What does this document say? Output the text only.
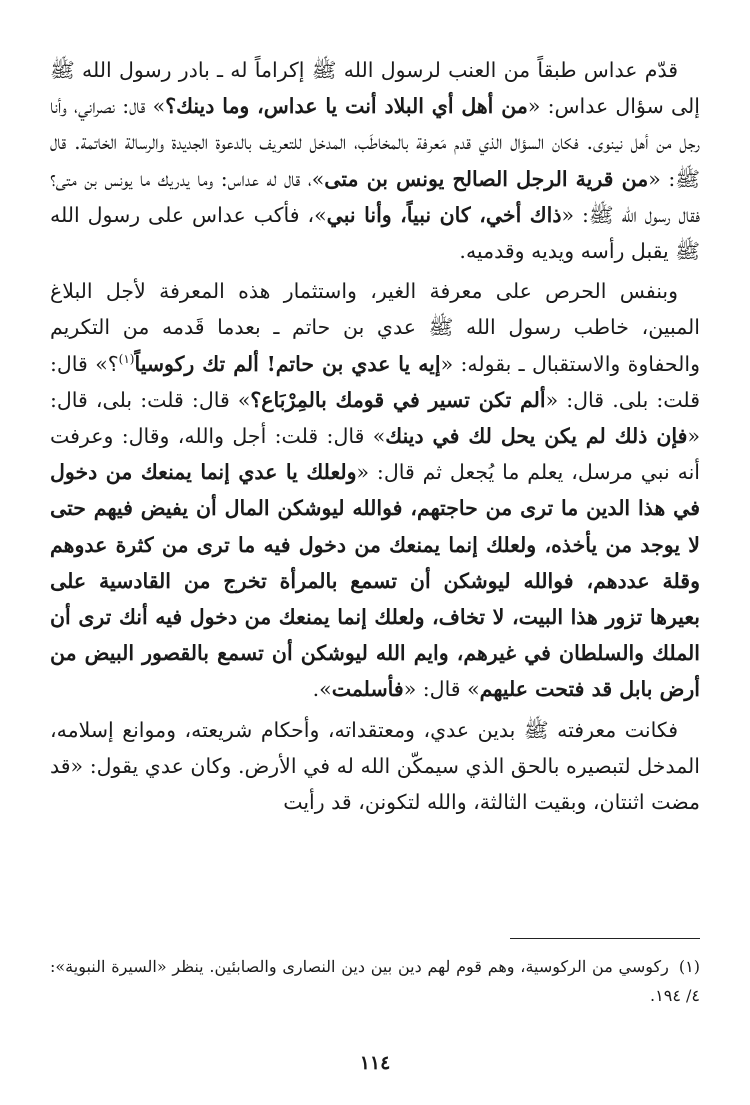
قدّم عداس طبقاً من العنب لرسول الله ﷺ إكراماً له ـ بادر رسول الله ﷺ إلى سؤال عداس: «من أهل أي البلاد أنت يا عداس، وما دينك؟» قال: نصراني، وأنا رجل من أهل نينوى. فكان السؤال الذي قدم مَعرفة بالمخاطَب، المدخل للتعريف بالدعوة الجديدة والرسالة الخاتمة. قال ﷺ: «من قرية الرجل الصالح يونس بن متى»، قال له عداس: وما يدريك ما يونس بن متى؟ فقال رسول الله ﷺ: «ذاك أخي، كان نبياً، وأنا نبي»، فأكب عداس على رسول الله ﷺ يقبل رأسه ويديه وقدميه.

وبنفس الحرص على معرفة الغير، واستثمار هذه المعرفة لأجل البلاغ المبين، خاطب رسول الله ﷺ عدي بن حاتم ـ بعدما قَدمه من التكريم والحفاوة والاستقبال ـ بقوله: «إيه يا عدي بن حاتم! ألم تك ركوسياً$^{(١)}$؟» قال: قلت: بلى. قال: «ألم تكن تسير في قومك بالمِرْبَاع؟» قال: قلت: بلى، قال: «فإن ذلك لم يكن يحل لك في دينك» قال: قلت: أجل والله، وقال: وعرفت أنه نبي مرسل، يعلم ما يُجعل ثم قال: «ولعلك يا عدي إنما يمنعك من دخول في هذا الدين ما ترى من حاجتهم، فوالله ليوشكن المال أن يفيض فيهم حتى لا يوجد من يأخذه، ولعلك إنما يمنعك من دخول فيه ما ترى من كثرة عدوهم وقلة عددهم، فوالله ليوشكن أن تسمع بالمرأة تخرج من القادسية على بعيرها تزور هذا البيت، لا تخاف، ولعلك إنما يمنعك من دخول فيه أنك ترى أن الملك والسلطان في غيرهم، وايم الله ليوشكن أن تسمع بالقصور البيض من أرض بابل قد فتحت عليهم» قال: «فأسلمت».

فكانت معرفته ﷺ بدين عدي، ومعتقداته، وأحكام شريعته، وموانع إسلامه، المدخل لتبصيره بالحق الذي سيمكّن الله له في الأرض. وكان عدي يقول: «قد مضت اثنتان، وبقيت الثالثة، والله لتكونن، قد رأيت

(١)ركوسي من الركوسية، وهم قوم لهم دين بين دين النصارى والصابئين. ينظر «السيرة النبوية»: ٤/ ١٩٤.
١١٤
